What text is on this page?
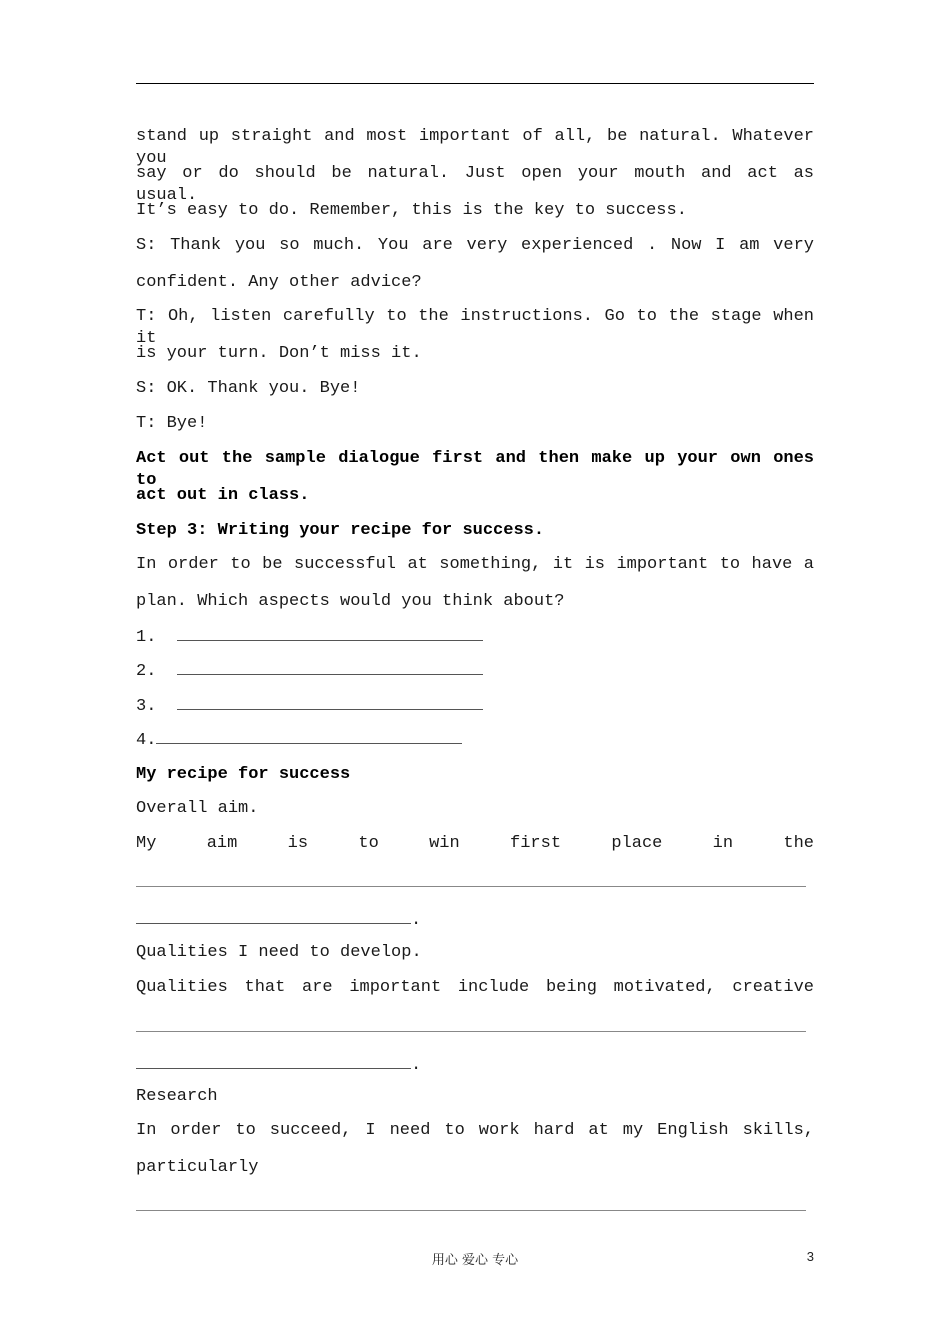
stand up straight and most important of all, be natural. Whatever you
say or do should be natural. Just open your mouth and act as usual.
It’s easy to do. Remember, this is the key to success.
S: Thank you so much. You are very experienced . Now I am very
confident. Any other advice?
T: Oh, listen carefully to the instructions. Go to the stage when it
is your turn. Don’t miss it.
S: OK. Thank you. Bye!
T: Bye!
Act out the sample dialogue first and then make up your own ones to
act out in class.
Step 3: Writing your recipe for success.
In order to be successful at something, it is important to have a
plan. Which aspects would you think about?
1.
2.
3.
4.
My recipe for success
Overall aim.
My aim is to win first place in the
.
Qualities I need to develop.
Qualities that are important include being motivated, creative
.
Research
In order to succeed, I need to work hard at my English skills,
particularly
用心 爱心 专心	3
